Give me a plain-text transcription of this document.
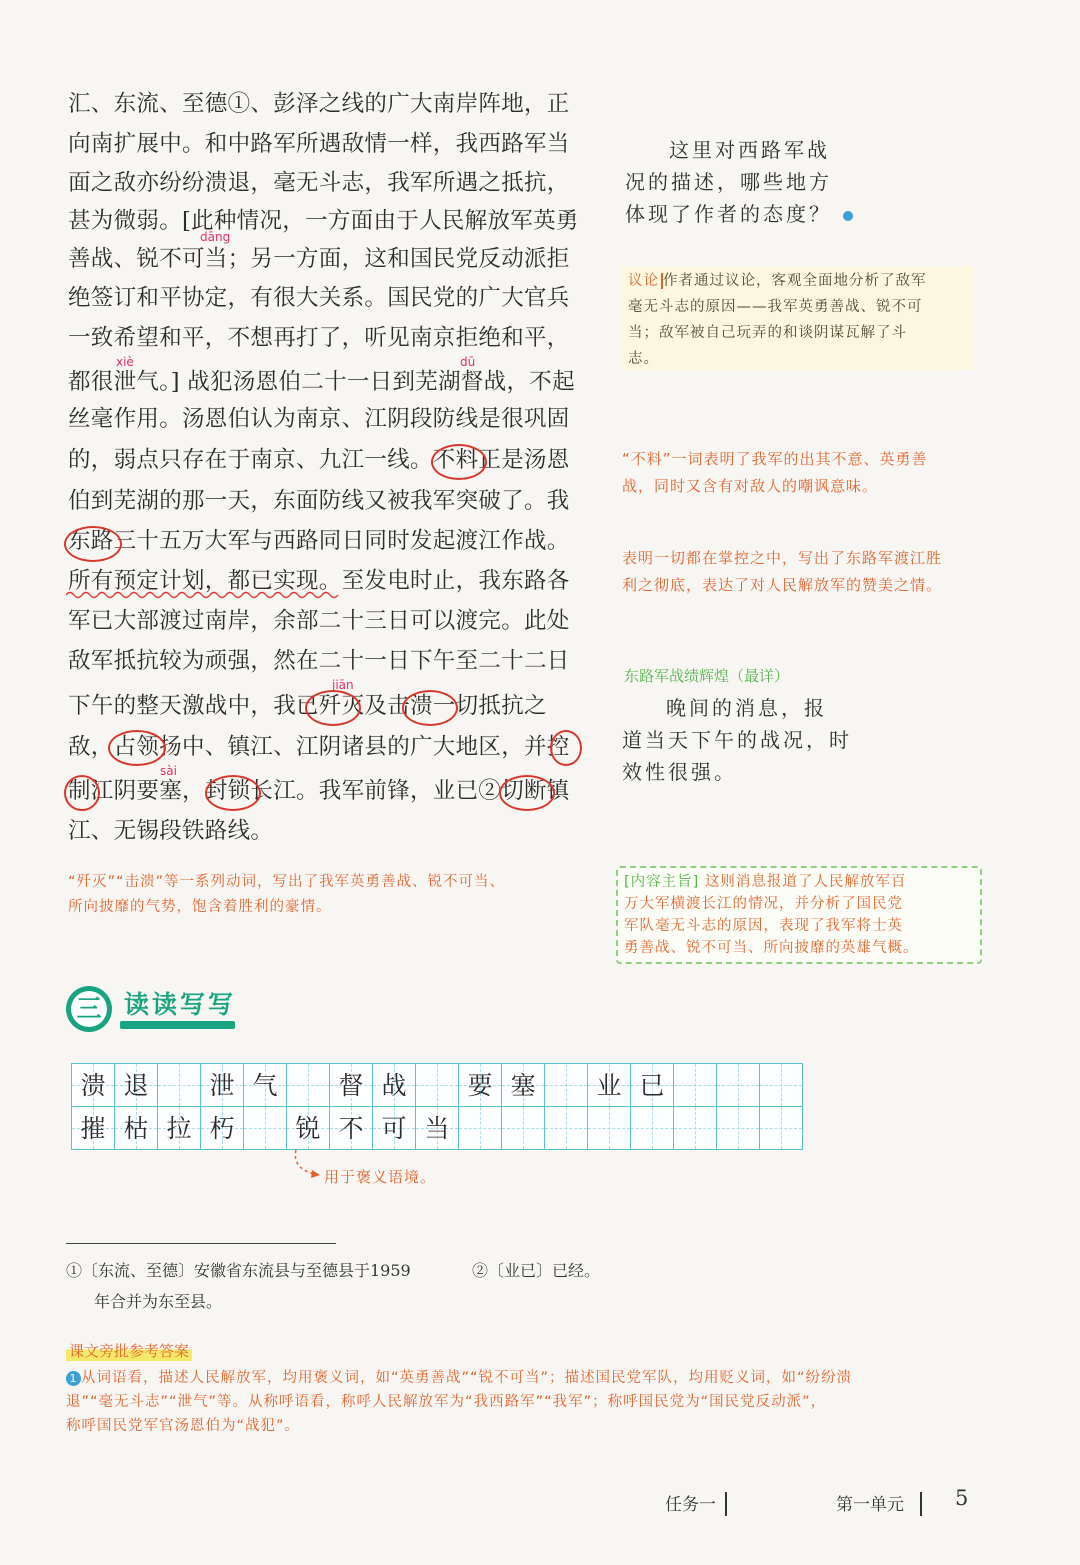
汇、东流、至德①、彭泽之线的广大南岸阵地，正
向南扩展中。和中路军所遇敌情一样，我西路军当
面之敌亦纷纷溃退，毫无斗志，我军所遇之抵抗，
甚为微弱。[此种情况，一方面由于人民解放军英勇
善战、锐不可当；另一方面，这和国民党反动派拒
绝签订和平协定，有很大关系。国民党的广大官兵
一致希望和平，不想再打了，听见南京拒绝和平，
都很泄气。] 战犯汤恩伯二十一日到芜湖督战，不起
丝毫作用。汤恩伯认为南京、江阴段防线是很巩固
的，弱点只存在于南京、九江一线。不料正是汤恩
伯到芜湖的那一天，东面防线又被我军突破了。我
东路三十五万大军与西路同日同时发起渡江作战。
所有预定计划，都已实现。至发电时止，我东路各
军已大部渡过南岸，余部二十三日可以渡完。此处
敌军抵抗较为顽强，然在二十一日下午至二十二日
下午的整天激战中，我已歼灭及击溃一切抵抗之
敌，占领扬中、镇江、江阴诸县的广大地区，并控
制江阴要塞，封锁长江。我军前锋，业已②切断镇
江、无锡段铁路线。
dāng
xiè	dū
jiān
sài
这里对西路军战
况的描述，哪些地方
体现了作者的态度？
议论 作者通过议论，客观全面地分析了敌军
毫无斗志的原因——我军英勇善战、锐不可
当；敌军被自己玩弄的和谈阴谋瓦解了斗
志。
“不料”一词表明了我军的出其不意、英勇善
战，同时又含有对敌人的嘲讽意味。
表明一切都在掌控之中，写出了东路军渡江胜
利之彻底，表达了对人民解放军的赞美之情。
东路军战绩辉煌（最详）
晚间的消息，报
道当天下午的战况，时
效性很强。
“歼灭”“击溃”等一系列动词，写出了我军英勇善战、锐不可当、
所向披靡的气势，饱含着胜利的豪情。
[内容主旨] 这则消息报道了人民解放军百
万大军横渡长江的情况，并分析了国民党
军队毫无斗志的原因，表现了我军将士英
勇善战、锐不可当、所向披靡的英雄气概。
三 读读写写
溃 退	泄 气	督 战	要 塞	业 已
摧 枯 拉 朽	锐 不 可 当
用于褒义语境。
①〔东流、至德〕安徽省东流县与至德县于1959
年合并为东至县。
②〔业已〕已经。
课文旁批参考答案
1 从词语看，描述人民解放军，均用褒义词，如“英勇善战”“锐不可当”；描述国民党军队，均用贬义词，如“纷纷溃
退”“毫无斗志”“泄气”等。从称呼语看，称呼人民解放军为“我西路军”“我军”；称呼国民党为“国民党反动派”，
称呼国民党军官汤恩伯为“战犯”。
任务一	第一单元 5
